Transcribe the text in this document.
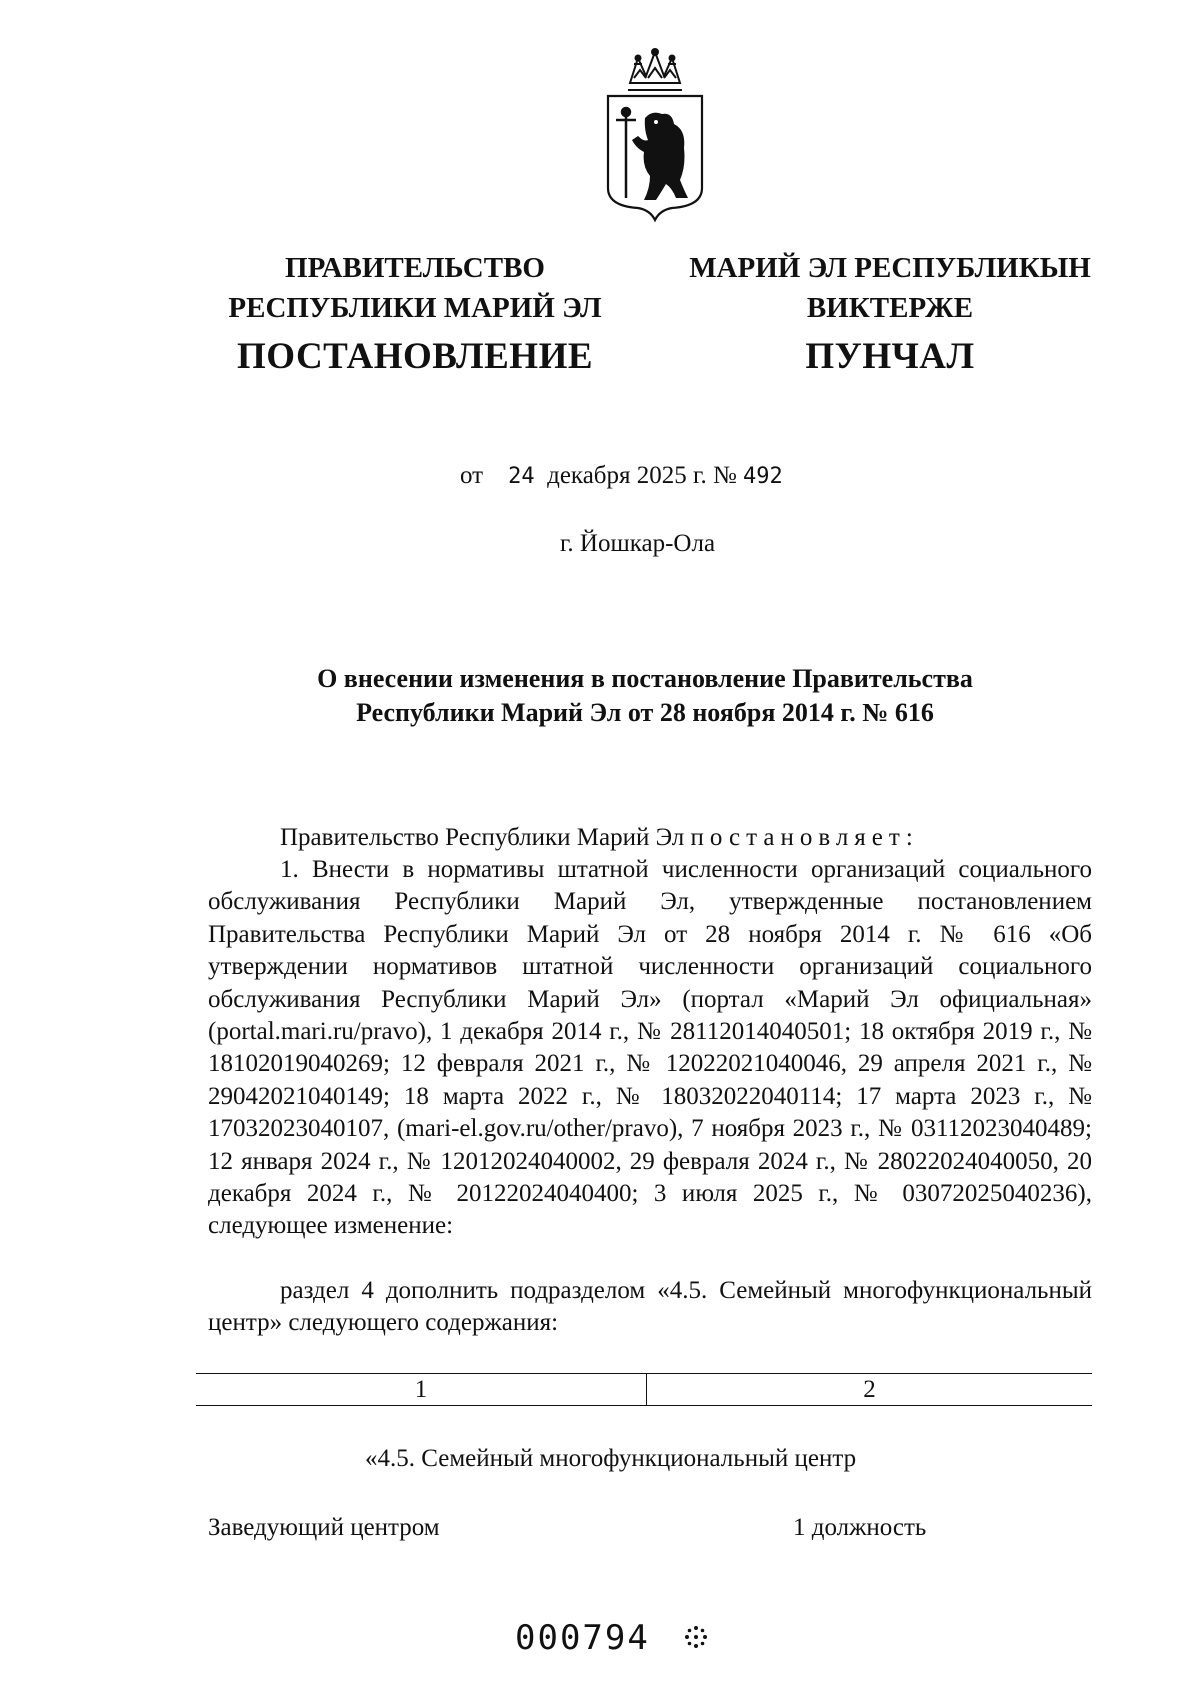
ПРАВИТЕЛЬСТВО
РЕСПУБЛИКИ МАРИЙ ЭЛ
МАРИЙ ЭЛ РЕСПУБЛИКЫН
ВИКТЕРЖЕ
ПОСТАНОВЛЕНИЕ	ПУНЧАЛ
от 24 декабря 2025 г. № 492
г. Йошкар-Ола
О внесении изменения в постановление Правительства
Республики Марий Эл от 28 ноября 2014 г. № 616
Правительство Республики Марий Эл постановляет:
1. Внести в нормативы штатной численности организаций социального обслуживания Республики Марий Эл, утвержденные постановлением Правительства Республики Марий Эл от 28 ноября 2014 г. № 616 «Об утверждении нормативов штатной численности организаций социального обслуживания Республики Марий Эл» (портал «Марий Эл официальная» (portal.mari.ru/pravo), 1 декабря 2014 г., № 28112014040501; 18 октября 2019 г., № 18102019040269; 12 февраля 2021 г., № 12022021040046, 29 апреля 2021 г., № 29042021040149; 18 марта 2022 г., № 18032022040114; 17 марта 2023 г., № 17032023040107, (mari-el.gov.ru/other/pravo), 7 ноября 2023 г., № 03112023040489; 12 января 2024 г., № 12012024040002, 29 февраля 2024 г., № 28022024040050, 20 декабря 2024 г., № 20122024040400; 3 июля 2025 г., № 03072025040236), следующее изменение:
раздел 4 дополнить подразделом «4.5. Семейный многофункциональный центр» следующего содержания:
1	2
«4.5. Семейный многофункциональный центр
Заведующий центром	1 должность
000794
